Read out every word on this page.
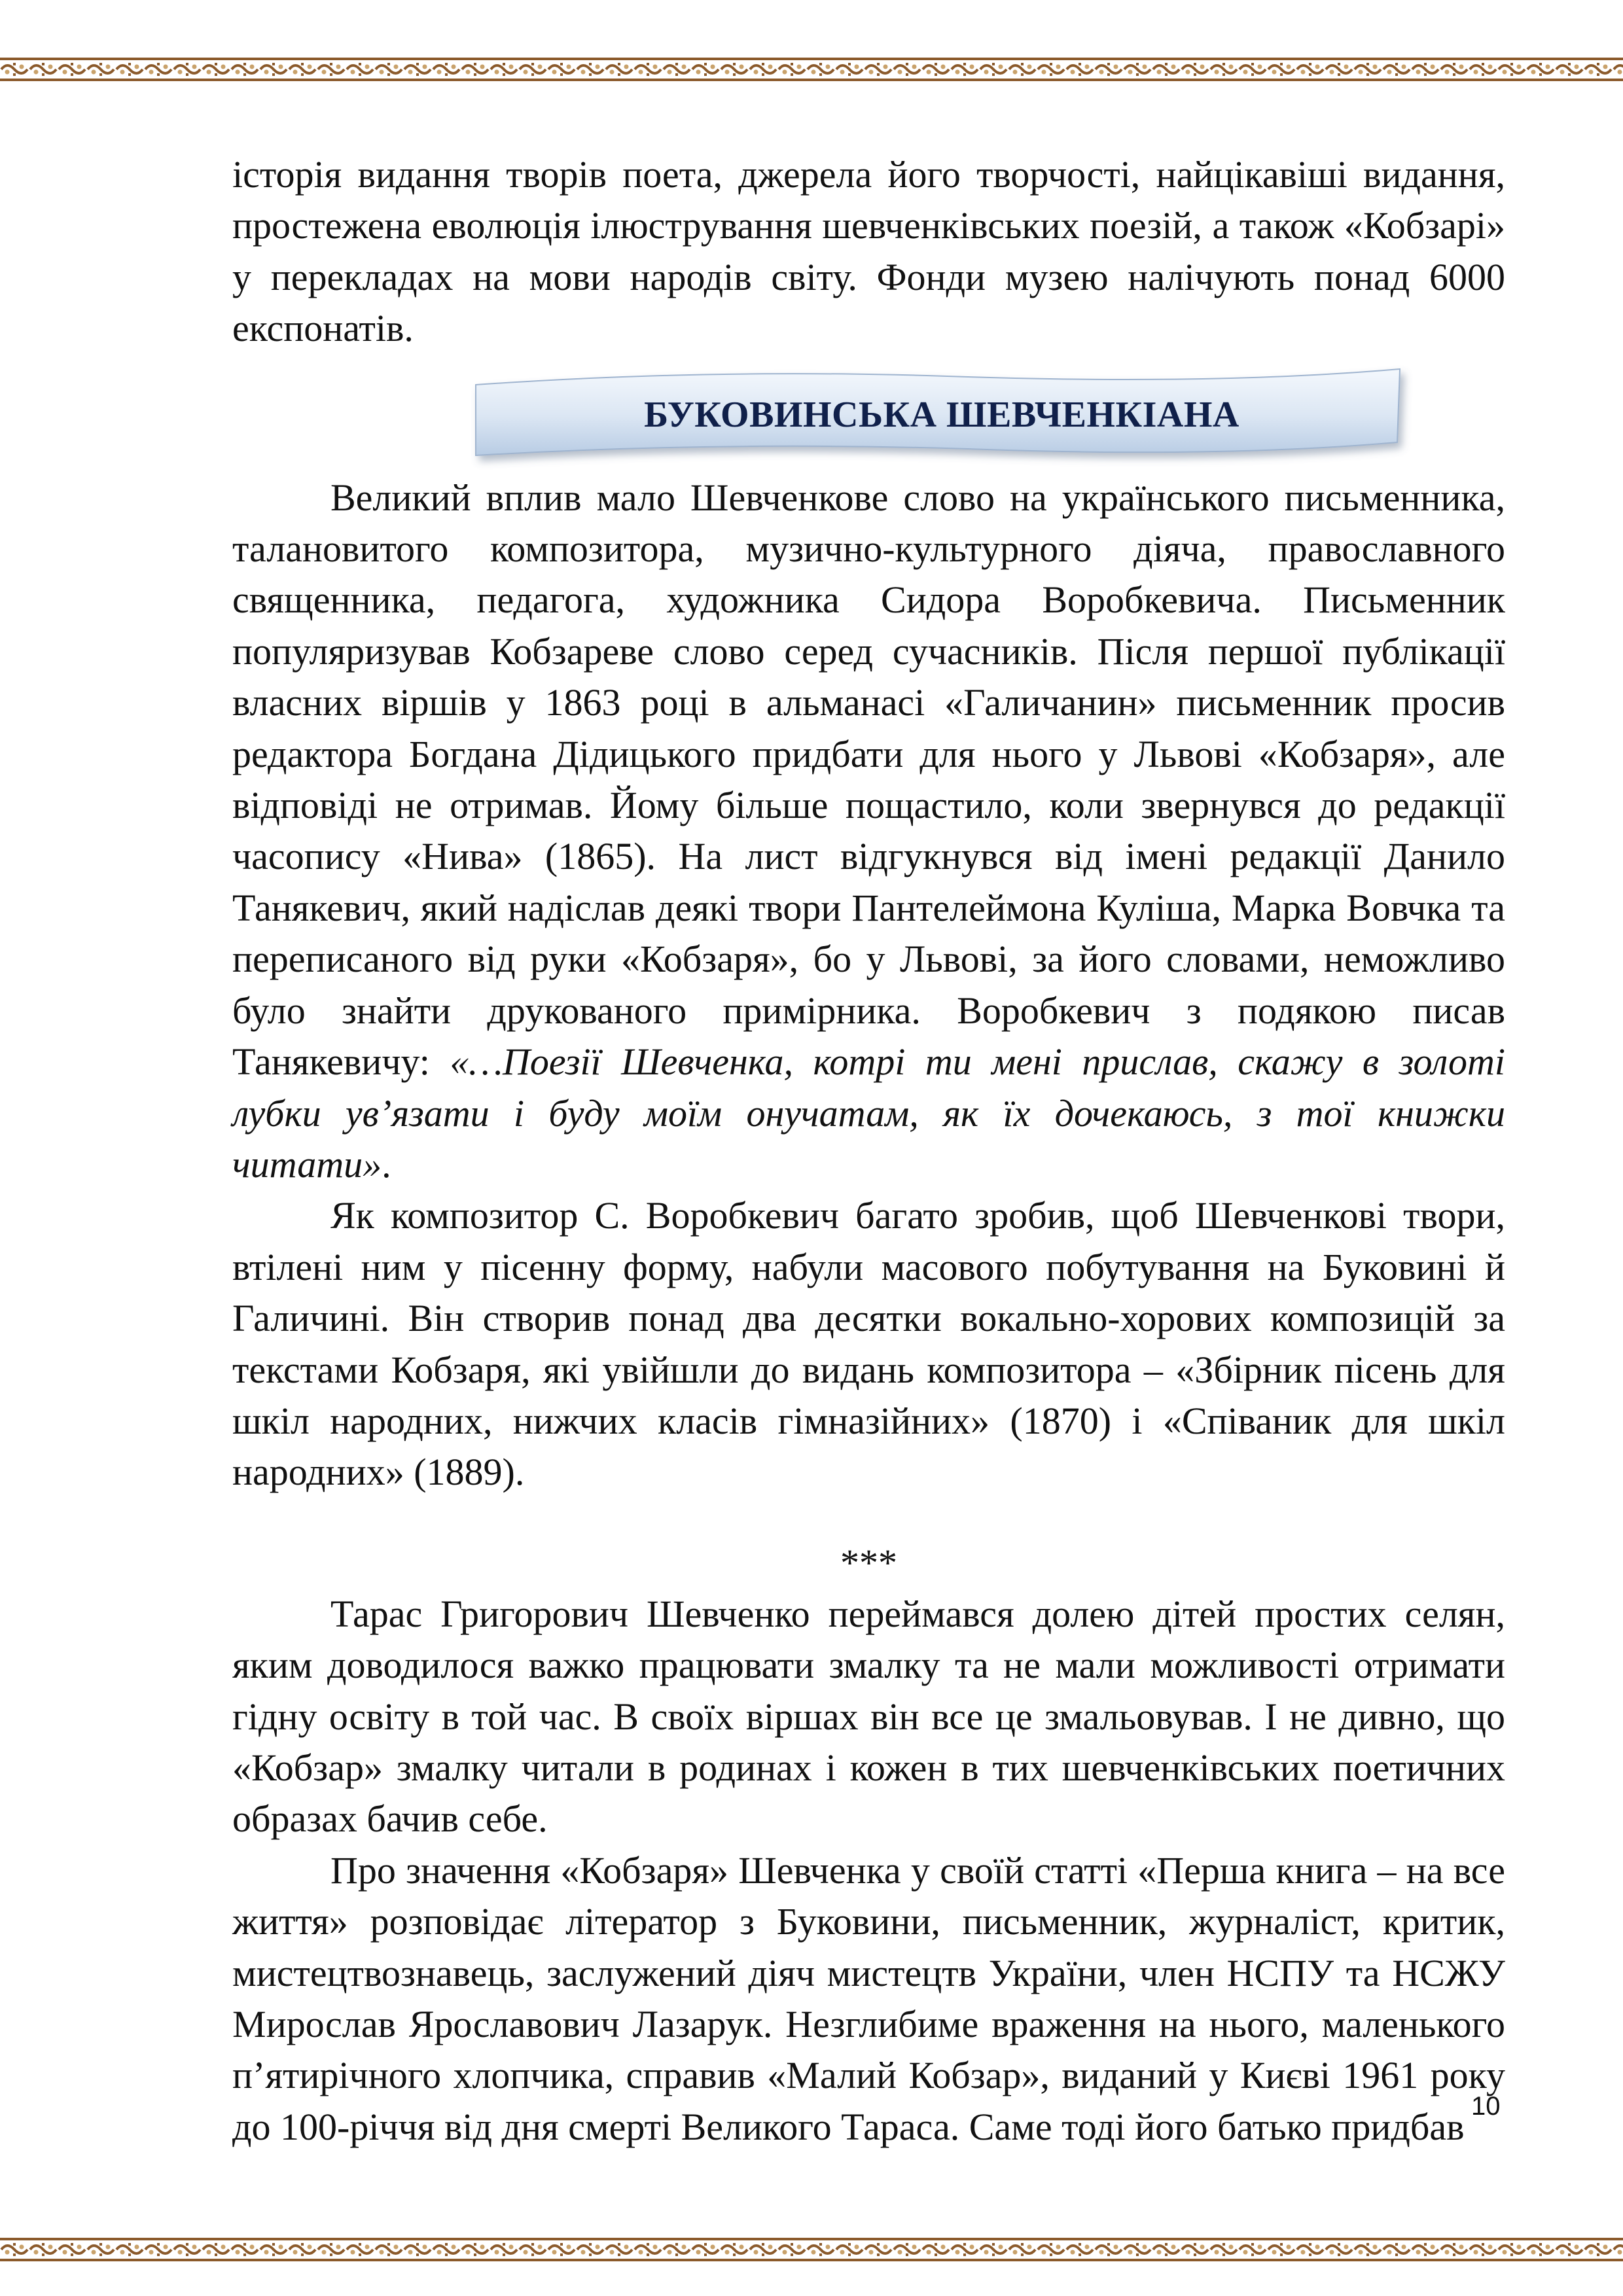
історія видання творів поета, джерела його творчості, найцікавіші видання, простежена еволюція ілюстрування шевченківських поезій, а також «Кобзарі» у перекладах на мови народів світу. Фонди музею налічують понад 6000 експонатів.

БУКОВИНСЬКА ШЕВЧЕНКІАНА

Великий вплив мало Шевченкове слово на українського письменника, талановитого композитора, музично-культурного діяча, православного священника, педагога, художника Сидора Воробкевича. Письменник популяризував Кобзареве слово серед сучасників. Після першої публікації власних віршів у 1863 році в альманасі «Галичанин» письменник просив редактора Богдана Дідицького придбати для нього у Львові «Кобзаря», але відповіді не отримав. Йому більше пощастило, коли звернувся до редакції часопису «Нива» (1865). На лист відгукнувся від імені редакції Данило Танякевич, який надіслав деякі твори Пантелеймона Куліша, Марка Вовчка та переписаного від руки «Кобзаря», бо у Львові, за його словами, неможливо було знайти друкованого примірника. Воробкевич з подякою писав Танякевичу: «…Поезії Шевченка, котрі ти мені прислав, скажу в золоті лубки ув’язати і буду моїм онучатам, як їх дочекаюсь, з тої книжки читати».

Як композитор С. Воробкевич багато зробив, щоб Шевченкові твори, втілені ним у пісенну форму, набули масового побутування на Буковині й Галичині. Він створив понад два десятки вокально-хорових композицій за текстами Кобзаря, які увійшли до видань композитора – «Збірник пісень для шкіл народних, нижчих класів гімназійних» (1870) і «Співаник для шкіл народних» (1889).

***

Тарас Григорович Шевченко переймався долею дітей простих селян, яким доводилося важко працювати змалку та не мали можливості отримати гідну освіту в той час. В своїх віршах він все це змальовував. І не дивно, що «Кобзар» змалку читали в родинах і кожен в тих шевченківських поетичних образах бачив себе.

Про значення «Кобзаря» Шевченка у своїй статті «Перша книга – на все життя» розповідає літератор з Буковини, письменник, журналіст, критик, мистецтвознавець, заслужений діяч мистецтв України, член НСПУ та НСЖУ Мирослав Ярославович Лазарук. Незглибиме враження на нього, маленького п’ятирічного хлопчика, справив «Малий Кобзар», виданий у Києві 1961 року до 100-річчя від дня смерті Великого Тараса. Саме тоді його батько придбав 10
